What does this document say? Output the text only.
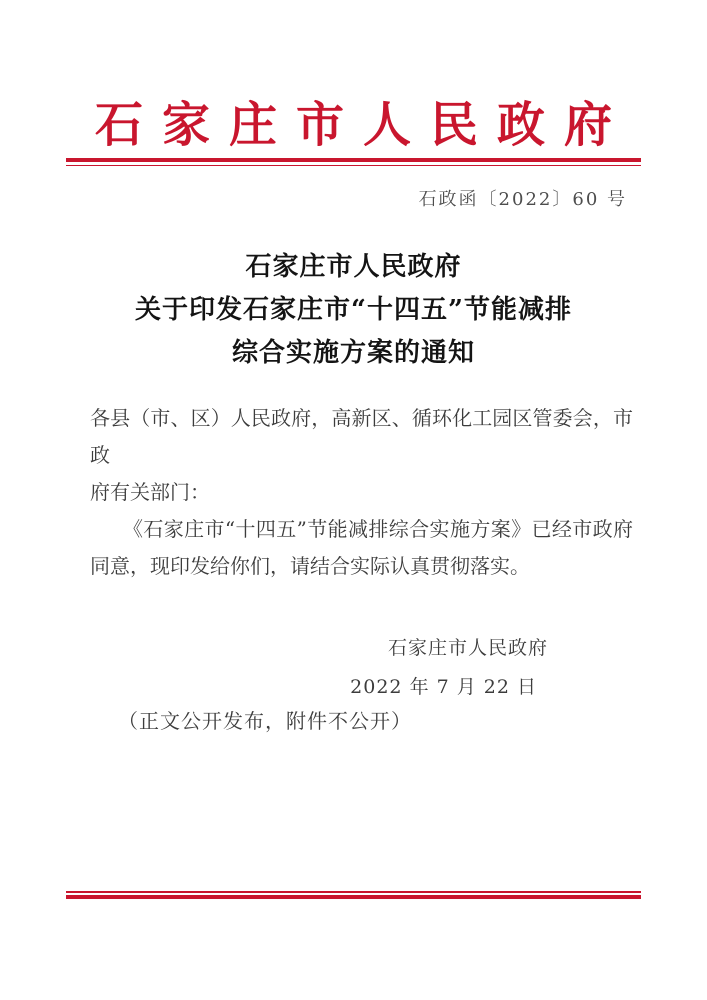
石家庄市人民政府
石政函〔2022〕60 号
石家庄市人民政府
关于印发石家庄市“十四五”节能减排
综合实施方案的通知
各县（市、区）人民政府，高新区、循环化工园区管委会，市政
府有关部门：
《石家庄市“十四五”节能减排综合实施方案》已经市政府
同意，现印发给你们，请结合实际认真贯彻落实。
石家庄市人民政府
2022 年 7 月 22 日
（正文公开发布，附件不公开）
